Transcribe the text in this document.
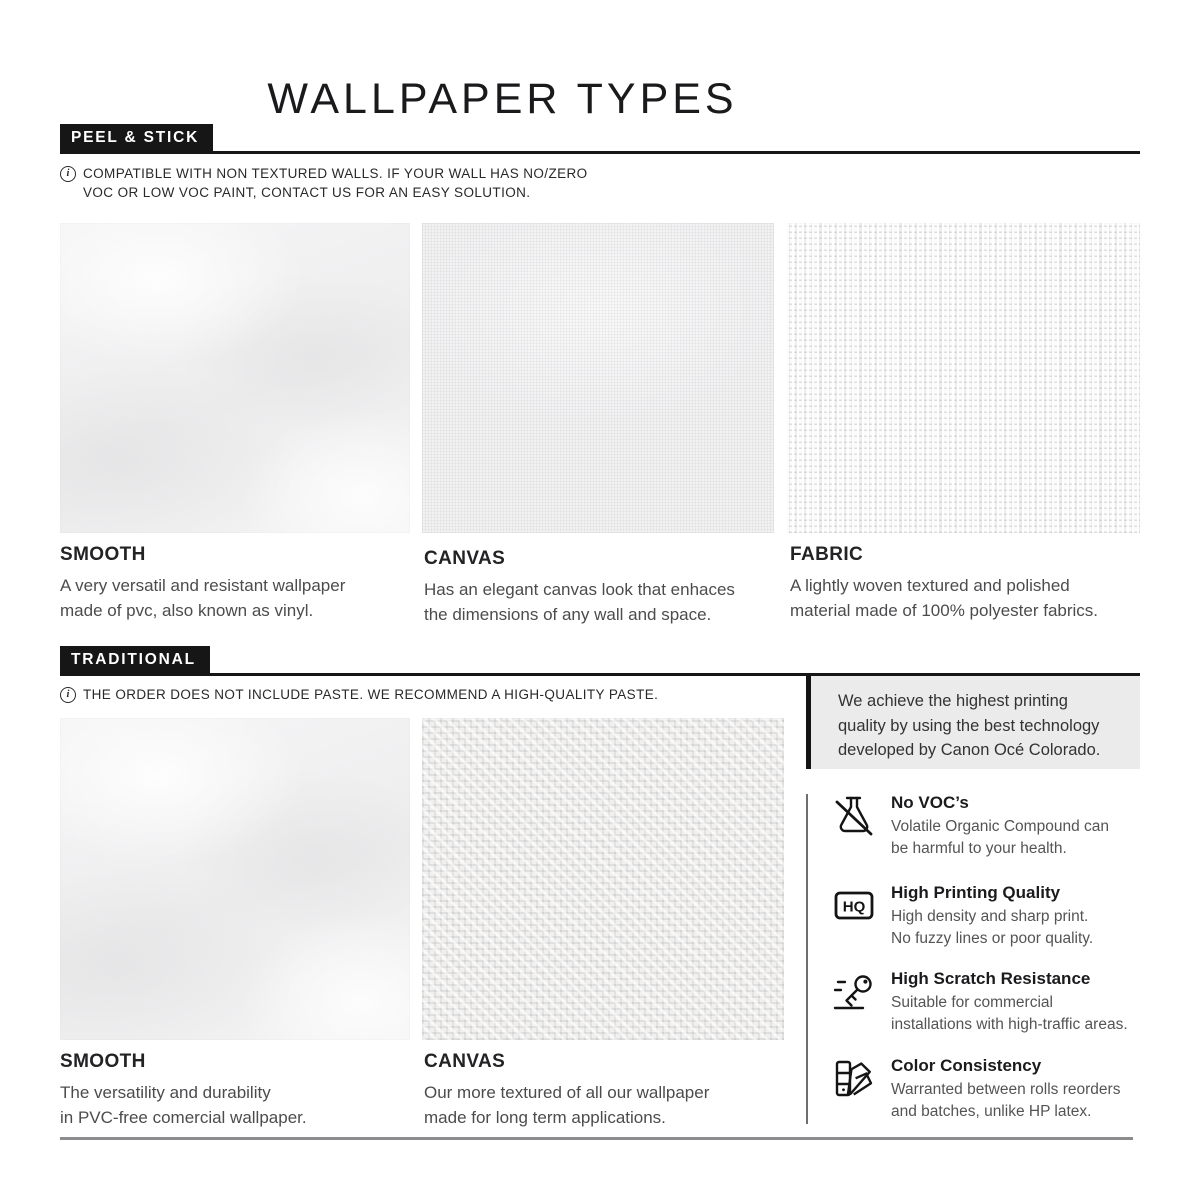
WALLPAPER TYPES
PEEL & STICK
i	COMPATIBLE WITH NON TEXTURED WALLS. IF YOUR WALL HAS NO/ZERO
VOC OR LOW VOC PAINT, CONTACT US FOR AN EASY SOLUTION.
SMOOTH
A very versatil and resistant wallpaper
made of pvc, also known as vinyl.
CANVAS
Has an elegant canvas look that enhaces
the dimensions of any wall and space.
FABRIC
A lightly woven textured and polished
material made of 100% polyester fabrics.
TRADITIONAL
i	THE ORDER DOES NOT INCLUDE PASTE. WE RECOMMEND A HIGH-QUALITY PASTE.
SMOOTH
The versatility and durability
in PVC-free comercial wallpaper.
CANVAS
Our more textured of all our wallpaper
made for long term applications.
We achieve the highest printing
quality by using the best technology
developed by Canon Océ Colorado.
No VOC’s
Volatile Organic Compound can
be harmful to your health.
HQ
High Printing Quality
High density and sharp print.
No fuzzy lines or poor quality.
High Scratch Resistance
Suitable for commercial
installations with high-traffic areas.
Color Consistency
Warranted between rolls reorders
and batches, unlike HP latex.
